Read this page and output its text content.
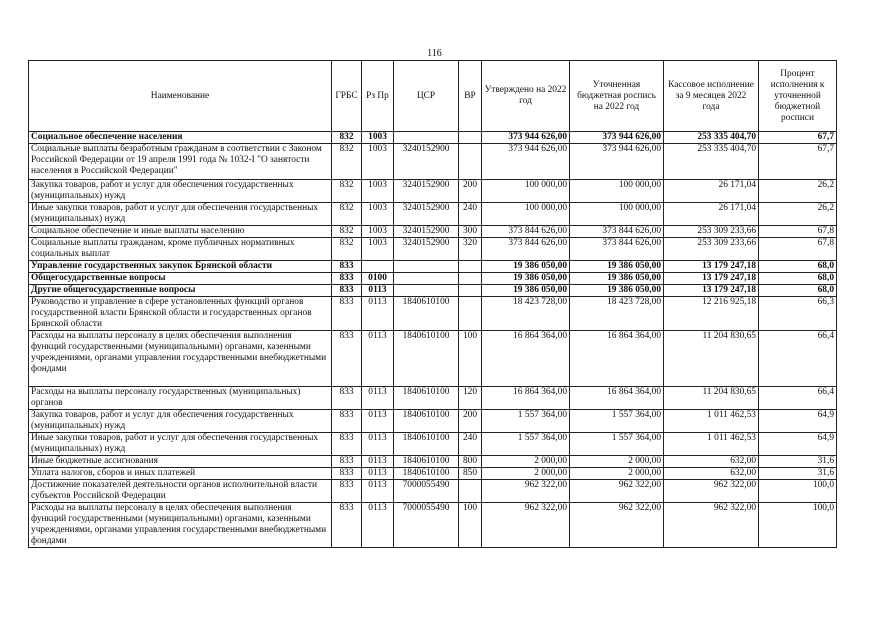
116
Наименование	ГРБС	Рз Пр	ЦСР	ВР	Утверждено на 2022 год	Уточненная бюджетная роспись на 2022 год	Кассовое исполнение за 9 месяцев 2022 года	Процент исполнения к уточненной бюджетной росписи
Социальное обеспечение населения	832	1003			373 944 626,00	373 944 626,00	253 335 404,70	67,7
Социальные выплаты безработным гражданам в соответствии с Законом Российской Федерации от 19 апреля 1991 года № 1032-I "О занятости населения в Российской Федерации"	832	1003	3240152900		373 944 626,00	373 944 626,00	253 335 404,70	67,7
Закупка товаров, работ и услуг для обеспечения государственных (муниципальных) нужд	832	1003	3240152900	200	100 000,00	100 000,00	26 171,04	26,2
Иные закупки товаров, работ и услуг для обеспечения государственных (муниципальных) нужд	832	1003	3240152900	240	100 000,00	100 000,00	26 171,04	26,2
Социальное обеспечение и иные выплаты населению	832	1003	3240152900	300	373 844 626,00	373 844 626,00	253 309 233,66	67,8
Социальные выплаты гражданам, кроме публичных нормативных социальных выплат	832	1003	3240152900	320	373 844 626,00	373 844 626,00	253 309 233,66	67,8
Управление государственных закупок Брянской области	833				19 386 050,00	19 386 050,00	13 179 247,18	68,0
Общегосударственные вопросы	833	0100			19 386 050,00	19 386 050,00	13 179 247,18	68,0
Другие общегосударственные вопросы	833	0113			19 386 050,00	19 386 050,00	13 179 247,18	68,0
Руководство и управление в сфере установленных функций органов государственной власти Брянской области и государственных органов Брянской области	833	0113	1840610100		18 423 728,00	18 423 728,00	12 216 925,18	66,3
Расходы на выплаты персоналу в целях обеспечения выполнения функций государственными (муниципальными) органами, казенными учреждениями, органами управления государственными внебюджетными фондами	833	0113	1840610100	100	16 864 364,00	16 864 364,00	11 204 830,65	66,4
Расходы на выплаты персоналу государственных (муниципальных) органов	833	0113	1840610100	120	16 864 364,00	16 864 364,00	11 204 830,65	66,4
Закупка товаров, работ и услуг для обеспечения государственных (муниципальных) нужд	833	0113	1840610100	200	1 557 364,00	1 557 364,00	1 011 462,53	64,9
Иные закупки товаров, работ и услуг для обеспечения государственных (муниципальных) нужд	833	0113	1840610100	240	1 557 364,00	1 557 364,00	1 011 462,53	64,9
Иные бюджетные ассигнования	833	0113	1840610100	800	2 000,00	2 000,00	632,00	31,6
Уплата налогов, сборов и иных платежей	833	0113	1840610100	850	2 000,00	2 000,00	632,00	31,6
Достижение показателей деятельности органов исполнительной власти субъектов Российской Федерации	833	0113	7000055490		962 322,00	962 322,00	962 322,00	100,0
Расходы на выплаты персоналу в целях обеспечения выполнения функций государственными (муниципальными) органами, казенными учреждениями, органами управления государственными внебюджетными фондами	833	0113	7000055490	100	962 322,00	962 322,00	962 322,00	100,0
